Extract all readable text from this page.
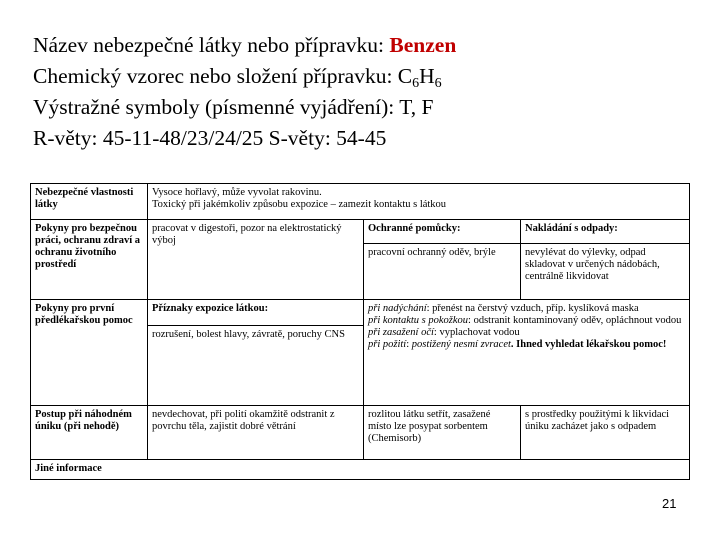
Název nebezpečné látky nebo přípravku: Benzen
Chemický vzorec nebo složení přípravku: $C_6H_6$
Výstražné symboly (písmenné vyjádření): T, F
R-věty: 45-11-48/23/24/25 S-věty: 54-45
Nebezpečné vlastnosti látky	Vysoce hořlavý, může vyvolat rakovinu.
Toxický při jakémkoliv způsobu expozice – zamezit kontaktu s látkou		

Pokyny pro bezpečnou práci, ochranu zdraví a ochranu životního prostředí	pracovat v digestoři, pozor na elektrostatický výboj	Ochranné pomůcky:	Nakládání s odpady:
		pracovní ochranný oděv, brýle	nevylévat do výlevky, odpad skladovat v určených nádobách, centrálně likvidovat
Pokyny pro první předlékařskou pomoc	Příznaky expozice látkou:	při nadýchání: přenést na čerstvý vzduch, příp. kyslíková maska
při kontaktu s pokožkou: odstranit kontaminovaný oděv, opláchnout vodou
při zasažení očí: vyplachovat vodou
při požití: postižený nesmí zvracet. Ihned vyhledat lékařskou pomoc!	

	rozrušení, bolest hlavy, závratě, poruchy CNS		
Postup při náhodném úniku (při nehodě)	nevdechovat, při polití okamžitě odstranit z povrchu těla, zajistit dobré větrání	rozlitou látku setřít, zasažené místo lze posypat sorbentem (Chemisorb)	s prostředky použitými k likvidaci úniku zacházet jako s odpadem
Jiné informace			
21
